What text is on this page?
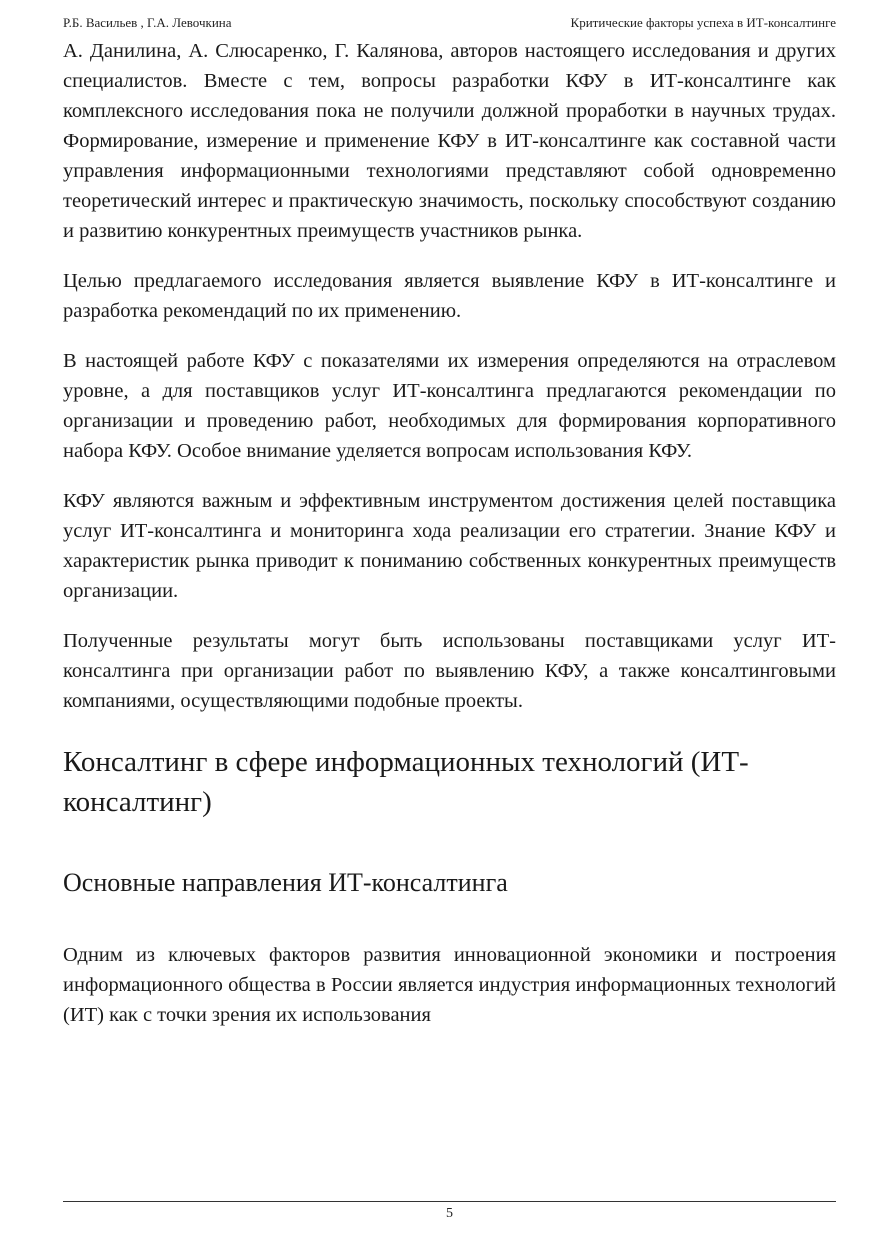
Р.Б. Васильев , Г.А. Левочкина	Критические факторы успеха в ИТ-консалтинге

А. Данилина, А. Слюсаренко, Г. Калянова, авторов настоящего исследования и других специалистов. Вместе с тем, вопросы разработки КФУ в ИТ-консалтинге как комплексного исследования пока не получили должной проработки в научных трудах. Формирование, измерение и применение КФУ в ИТ-консалтинге как составной части управления информационными технологиями представляют собой одновременно теоретический интерес и практическую значимость, поскольку способствуют созданию и развитию конкурентных преимуществ участников рынка.

Целью предлагаемого исследования является выявление КФУ в ИТ-консалтинге и разработка рекомендаций по их применению.

В настоящей работе КФУ с показателями их измерения определяются на отраслевом уровне, а для поставщиков услуг ИТ-консалтинга предлагаются рекомендации по организации и проведению работ, необходимых для формирования корпоративного набора КФУ. Особое внимание уделяется вопросам использования КФУ.

КФУ являются важным и эффективным инструментом достижения целей поставщика услуг ИТ-консалтинга и мониторинга хода реализации его стратегии. Знание КФУ и характеристик рынка приводит к пониманию собственных конкурентных преимуществ организации.

Полученные результаты могут быть использованы поставщиками услуг ИТ-консалтинга при организации работ по выявлению КФУ, а также консалтинговыми компаниями, осуществляющими подобные проекты.

Консалтинг в сфере информационных технологий (ИТ-консалтинг)
Основные направления ИТ-консалтинга

Одним из ключевых факторов развития инновационной экономики и построения информационного общества в России является индустрия информационных технологий (ИТ) как с точки зрения их использования

5
